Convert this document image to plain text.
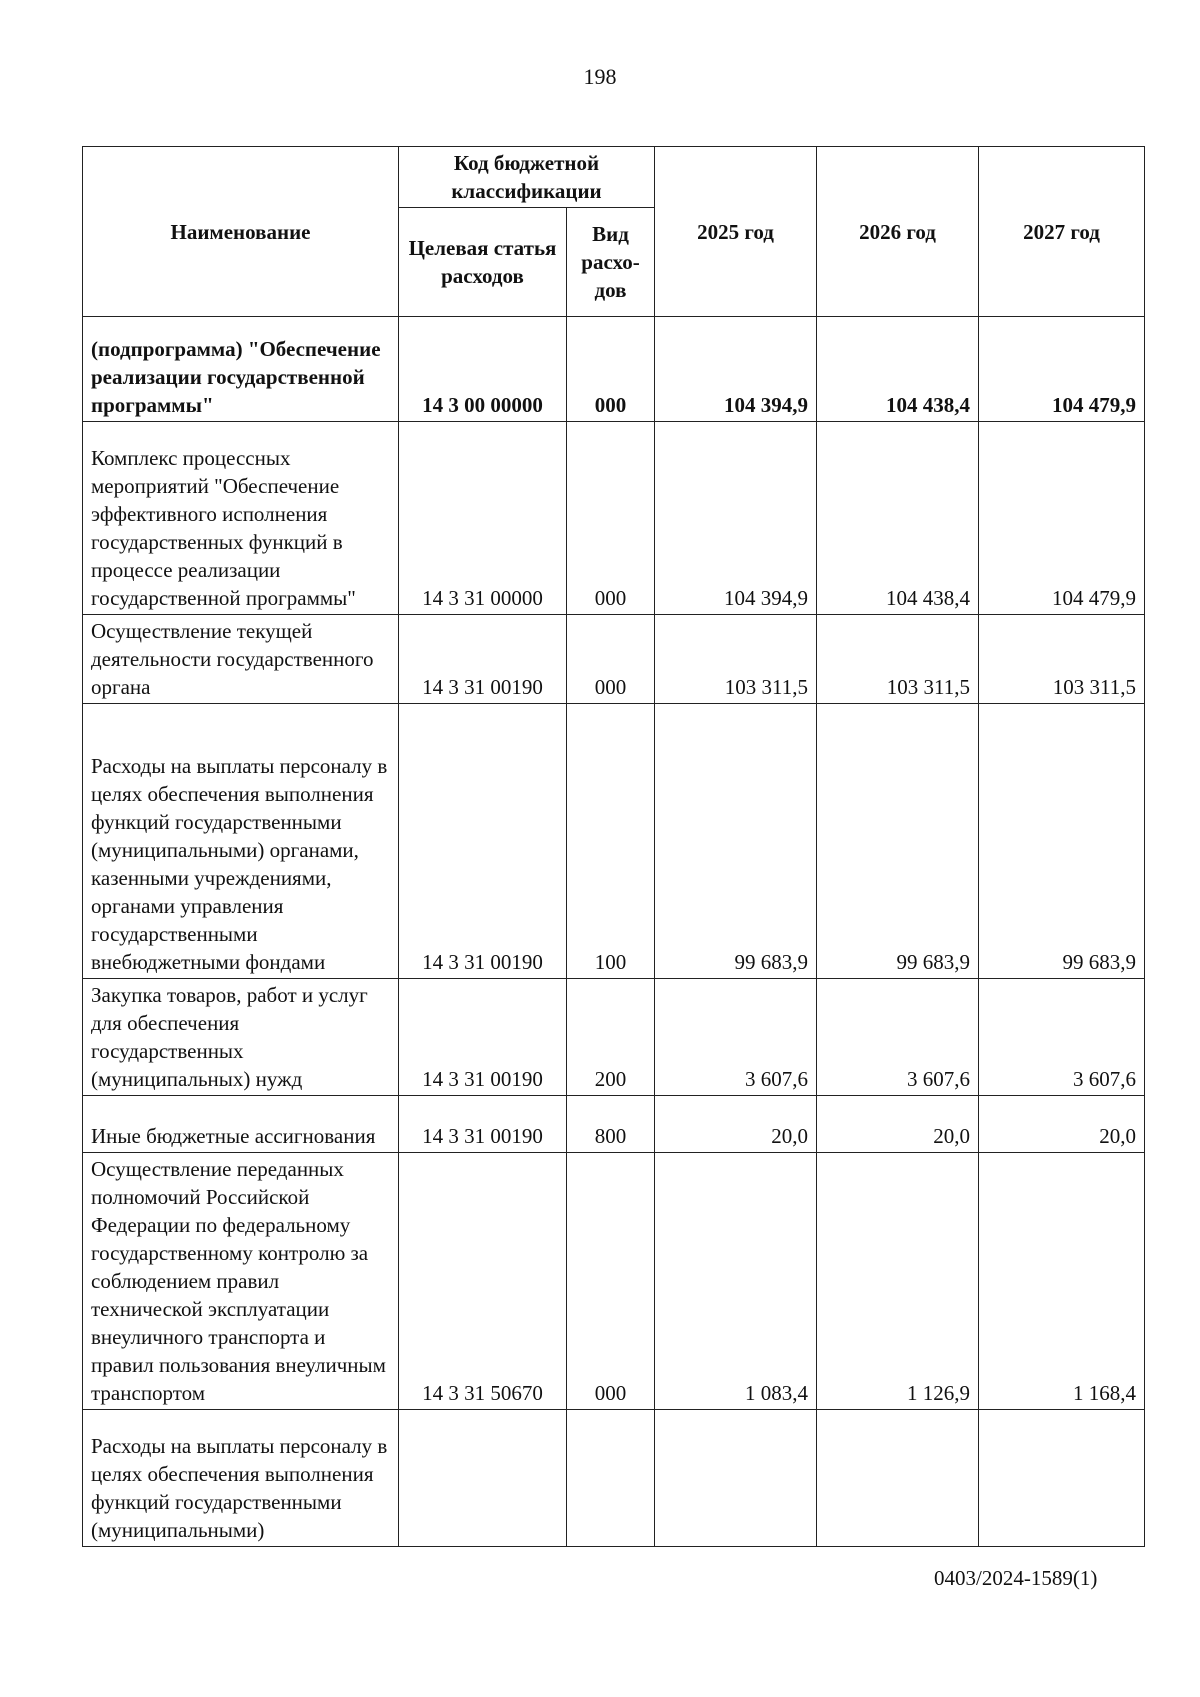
198
Наименование	Код бюджетной классификации		2025 год	2026 год	2027 год
	Целевая статья расходов	Вид расхо-дов			
(подпрограмма) "Обеспечение реализации государственной программы"	14 3 00 00000	000	104 394,9	104 438,4	104 479,9
Комплекс процессных мероприятий "Обеспечение эффективного исполнения государственных функций в процессе реализации государственной программы"	14 3 31 00000	000	104 394,9	104 438,4	104 479,9
Осуществление текущей деятельности государственного органа	14 3 31 00190	000	103 311,5	103 311,5	103 311,5
Расходы на выплаты персоналу в целях обеспечения выполнения функций государственными (муниципальными) органами, казенными учреждениями, органами управления государственными внебюджетными фондами	14 3 31 00190	100	99 683,9	99 683,9	99 683,9
Закупка товаров, работ и услуг для обеспечения государственных (муниципальных) нужд	14 3 31 00190	200	3 607,6	3 607,6	3 607,6
Иные бюджетные ассигнования	14 3 31 00190	800	20,0	20,0	20,0
Осуществление переданных полномочий Российской Федерации по федеральному государственному контролю за соблюдением правил технической эксплуатации внеуличного транспорта и правил пользования внеуличным транспортом	14 3 31 50670	000	1 083,4	1 126,9	1 168,4
Расходы на выплаты персоналу в целях обеспечения выполнения функций государственными (муниципальными)					
0403/2024-1589(1)
